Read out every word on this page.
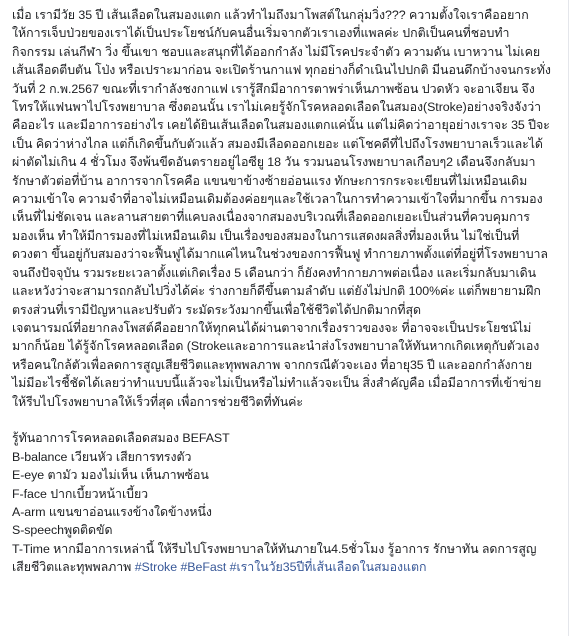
เมื่อ เรามีวัย 35 ปี เส้นเลือดในสมองแตก แล้วทำไมถึงมาโพสต์ในกลุ่มวิ่ง??? ความตั้งใจเราคืออยากให้การเจ็บป่วยของเราได้เป็นประโยชน์กับคนอื่นเริ่มจากตัวเราเองที่แพลค่ะ ปกติเป็นคนที่ชอบทำกิจกรรม เล่นกีฬา วิ่ง ขึ้นเขา ชอบและสนุกที่ได้ออกกำลัง ไม่มีโรคประจำตัว ความดัน เบาหวาน ไม่เคยเส้นเลือดตีบตัน โป่ง หรือเปราะมาก่อน จะเปิดร้านกาแฟ ทุกอย่างก็ดำเนินไปปกติ มีนอนดึกบ้างจนกระทั่งวันที่ 2 ก.พ.2567 ขณะที่เรากำลังชงกาแฟ เรารู้สึกมีอาการตาพร่าเห็นภาพซ้อน ปวดหัว จะอาเจียน จึงโทรให้แฟนพาไปโรงพยาบาล ซึ่งตอนนั้น เราไม่เคยรู้จักโรคหลอดเลือดในสมอง(Stroke)อย่างจริงจังว่าคืออะไร และมีอาการอย่างไร เคยได้ยินเส้นเลือดในสมองแตกแค่นั้น แต่ไม่คิดว่าอายุอย่างเราจะ 35 ปีจะเป็น คิดว่าห่างไกล แต่ก็เกิดขึ้นกับตัวแล้ว สมองมีเลือดออกเยอะ แต่โชคดีที่ไปถึงโรงพยาบาลเร็วและได้ผ่าตัดไม่เกิน 4 ชั่วโมง จึงพ้นขีดอันตรายอยู่ไอซียู 18 วัน รวมนอนโรงพยาบาลเกือบๆ2 เดือนจึงกลับมารักษาตัวต่อที่บ้าน อาการจากโรคคือ แขนขาข้างซ้ายอ่อนแรง ทักษะการกระจะเขียนที่ไม่เหมือนเดิม ความเข้าใจ ความจำที่อาจไม่เหมือนเดิมต้องค่อยๆและใช้เวลาในการทำความเข้าใจที่มากขึ้น การมองเห็นที่ไม่ชัดเจน และลานสายตาที่แคบลงเนื่องจากสมองบริเวณที่เลือดออกเยอะเป็นส่วนที่ควบคุมการมองเห็น ทำให้มีการมองที่ไม่เหมือนเดิม เป็นเรื่องของสมองในการแสดงผลสิ่งที่มองเห็น ไม่ใช่เป็นที่ดวงตา ขึ้นอยู่กับสมองว่าจะฟื้นฟูได้มากแค่ไหนในช่วงของการฟื้นฟู ทำกายภาพตั้งแต่ที่อยู่ที่โรงพยาบาลจนถึงปัจจุบัน รวมระยะเวลาตั้งแต่เกิดเรื่อง 5 เดือนกว่า ก็ยังคงทำกายภาพต่อเนื่อง และเริ่มกลับมาเดิน และหวังว่าจะสามารถกลับไปวิ่งได้ค่ะ ร่างกายก็ดีขึ้นตามลำดับ แต่ยังไม่ปกติ 100%ค่ะ แต่ก็พยายามฝึกตรงส่วนที่เรามีปัญหาและปรับตัว ระมัดระวังมากขึ้นเพื่อใช้ชีวิตได้ปกติมากที่สุด

เจตนารมณ์ที่อยากลงโพสต์คืออยากให้ทุกคนได้ผ่านตาจากเรื่องราวของจะ ที่อาจจะเป็นประโยชน์ไม่มากก็น้อย ได้รู้จักโรคหลอดเลือด (Strokeและอาการและนำส่งโรงพยาบาลให้ทันหากเกิดเหตุกับตัวเองหรือคนใกล้ตัวเพื่อลดการสูญเสียชีวิตและทุพพลภาพ จากกรณีตัวจะเอง ที่อายุ35 ปี และออกกำลังกาย ไม่มีอะไรชี้ชัดได้เลยว่าทำแบบนี้แล้วจะไม่เป็นหรือไม่ทำแล้วจะเป็น สิ่งสำคัญคือ เมื่อมีอาการที่เข้าข่าย ให้รีบไปโรงพยาบาลให้เร็วที่สุด เพื่อการช่วยชีวิตที่ทันค่ะ

รู้ทันอาการโรคหลอดเลือดสมอง BEFAST

B-balance เวียนหัว เสียการทรงตัว

E-eye ตามัว มองไม่เห็น เห็นภาพซ้อน

F-face ปากเบี้ยวหน้าเบี้ยว

A-arm แขนขาอ่อนแรงข้างใดข้างหนึ่ง

S-speechพูดติดขัด

T-Time หากมีอาการเหล่านี้ ให้รีบไปโรงพยาบาลให้ทันภายใน4.5ชั่วโมง รู้อาการ รักษาทัน ลดการสูญเสียชีวิตและทุพพลภาพ #Stroke #BeFast #เราในวัย35ปีที่เส้นเลือดในสมองแตก
